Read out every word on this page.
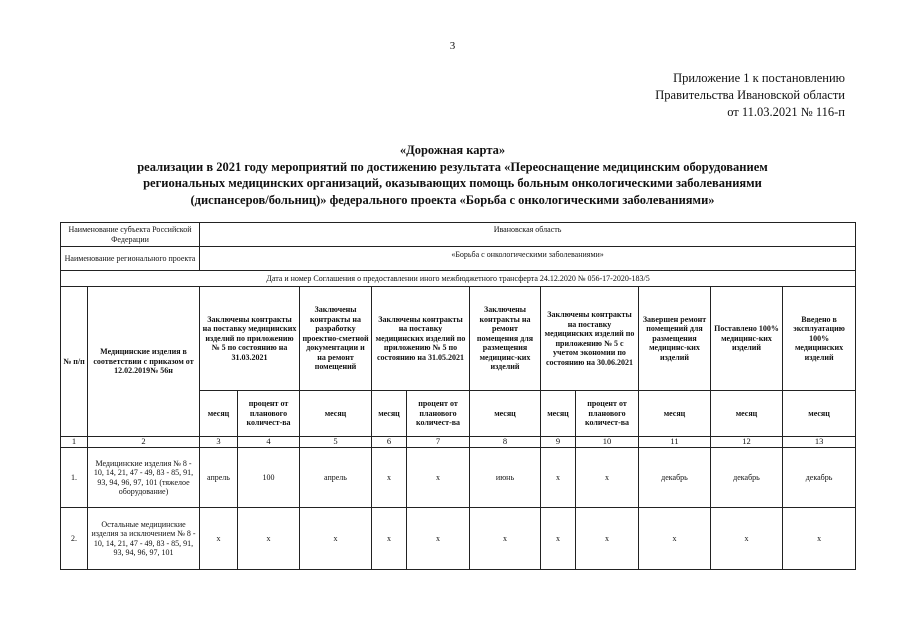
3
Приложение 1 к постановлению
Правительства Ивановской области
от 11.03.2021 № 116-п
«Дорожная карта»
реализации в 2021 году мероприятий по достижению результата «Переоснащение медицинским оборудованием
региональных медицинских организаций, оказывающих помощь больным онкологическими заболеваниями
(диспансеров/больниц)» федерального проекта «Борьба с онкологическими заболеваниями»
Наименование субъекта Российской Федерации		Ивановская область										
Наименование регионального проекта		«Борьба с онкологическими заболеваниями»										
Дата и номер Соглашения о предоставлении иного межбюджетного трансферта 24.12.2020 № 056-17-2020-183/5												
№ п/п	Медицинские изделия в соответствии с приказом от 12.02.2019№ 56н	Заключены контракты на поставку медицинских изделий по приложению № 5 по состоянию на 31.03.2021		Заключены контракты на разработку проектно-сметной документации и на ремонт помещений	Заключены контракты на поставку медицинских изделий по приложению № 5 по состоянию на 31.05.2021		Заключены контракты на ремонт помещения для размещения медицинс-ких изделий	Заключены контракты на поставку медицинских изделий по приложению № 5 с учетом экономии по состоянию на 30.06.2021		Завершен ремонт помещений для размещения медицинс-ких изделий	Поставлено 100% медицинс-ких изделий	Введено в эксплуатацию 100% медицинских изделий
		месяц	процент от планового количест-ва	месяц	месяц	процент от планового количест-ва	месяц	месяц	процент от планового количест-ва	месяц	месяц	месяц
1	2	3	4	5	6	7	8	9	10	11	12	13
1.	Медицинские изделия № 8 - 10, 14, 21, 47 - 49, 83 - 85, 91, 93, 94, 96, 97, 101 (тяжелое оборудование)	апрель	100	апрель	х	х	июнь	х	х	декабрь	декабрь	декабрь
2.	Остальные медицинские изделия за исключением № 8 - 10, 14, 21, 47 - 49, 83 - 85, 91, 93, 94, 96, 97, 101	х	х	х	х	х	х	х	х	х	х	х
